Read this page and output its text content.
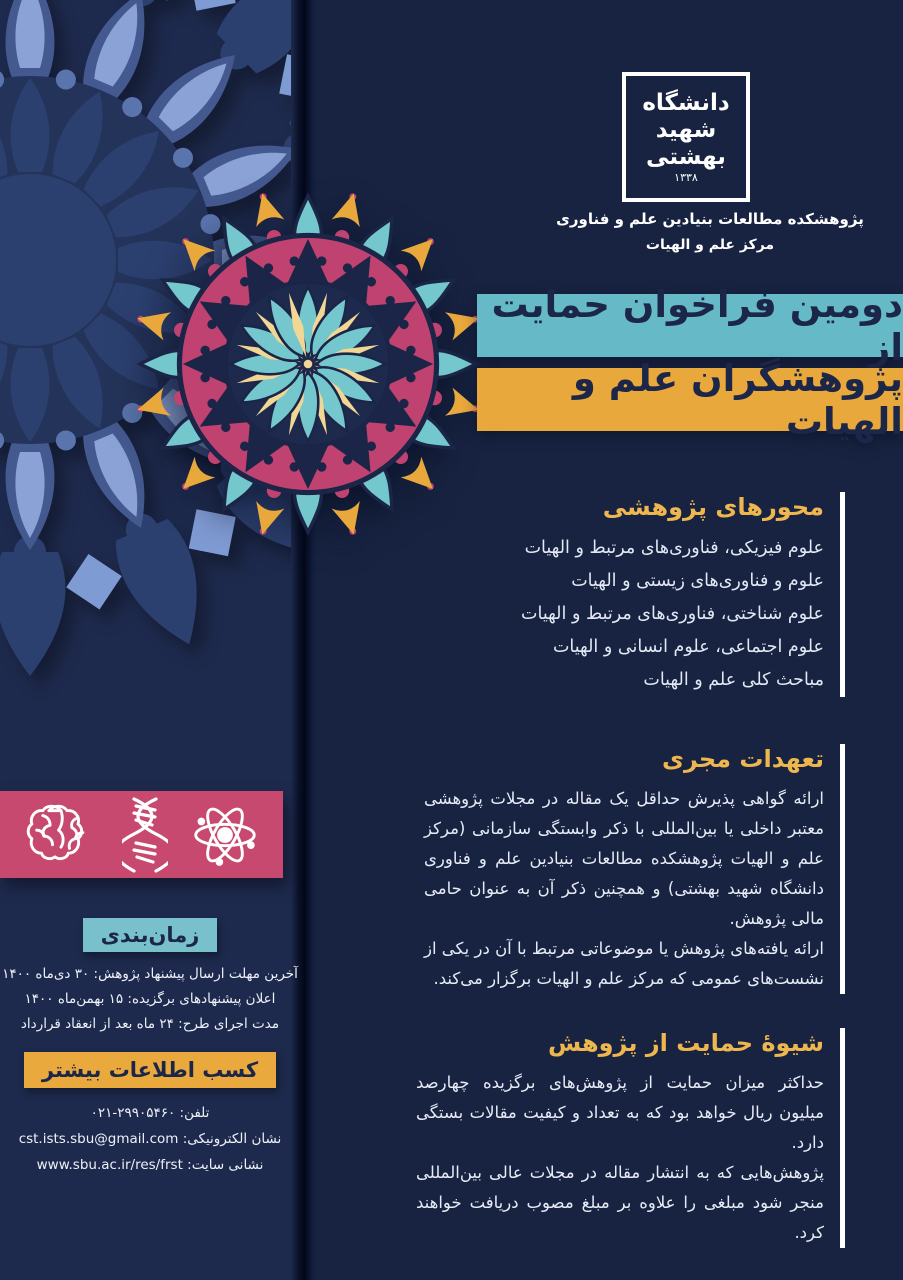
دانشگاه
شهید
بهشتی
۱۳۳۸
پژوهشکده مطالعات بنیادین علم و فناوری
مرکز علم و الهیات
دومین فراخوان حمایت از
پژوهشگران علم و الهیات
محورهای پژوهشی
علوم فیزیکی، فناوری‌های مرتبط و الهیات
علوم و فناوری‌های زیستی و الهیات
علوم شناختی، فناوری‌های مرتبط و الهیات
علوم اجتماعی، علوم انسانی و الهیات
مباحث کلی علم و الهیات
تعهدات مجری

ارائه گواهی پذیرش حداقل یک مقاله در مجلات پژوهشی معتبر داخلی یا بین‌المللی با ذکر وابستگی سازمانی (مرکز علم و الهیات پژوهشکده مطالعات بنیادین علم و فناوری دانشگاه شهید بهشتی) و همچنین ذکر آن به عنوان حامی مالی پژوهش.

ارائه یافته‌های پژوهش یا موضوعاتی مرتبط با آن در یکی از نشست‌های عمومی که مرکز علم و الهیات برگزار می‌کند.

شیوهٔ حمایت از پژوهش

حداکثر میزان حمایت از پژوهش‌های برگزیده چهارصد میلیون ریال خواهد بود که به تعداد و کیفیت مقالات بستگی دارد.

پژوهش‌هایی که به انتشار مقاله در مجلات عالی بین‌المللی منجر شود مبلغی را علاوه بر مبلغ مصوب دریافت خواهند کرد.

زمان‌بندی
آخرین مهلت ارسال پیشنهاد پژوهش: ۳۰ دی‌ماه ۱۴۰۰
اعلان پیشنهادهای برگزیده: ۱۵ بهمن‌ماه ۱۴۰۰
مدت اجرای طرح: ۲۴ ماه بعد از انعقاد قرارداد
کسب اطلاعات بیشتر
تلفن: ۰۲۱-۲۹۹۰۵۴۶۰
نشان الکترونیکی: cst.ists.sbu@gmail.com
نشانی سایت: www.sbu.ac.ir/res/frst
